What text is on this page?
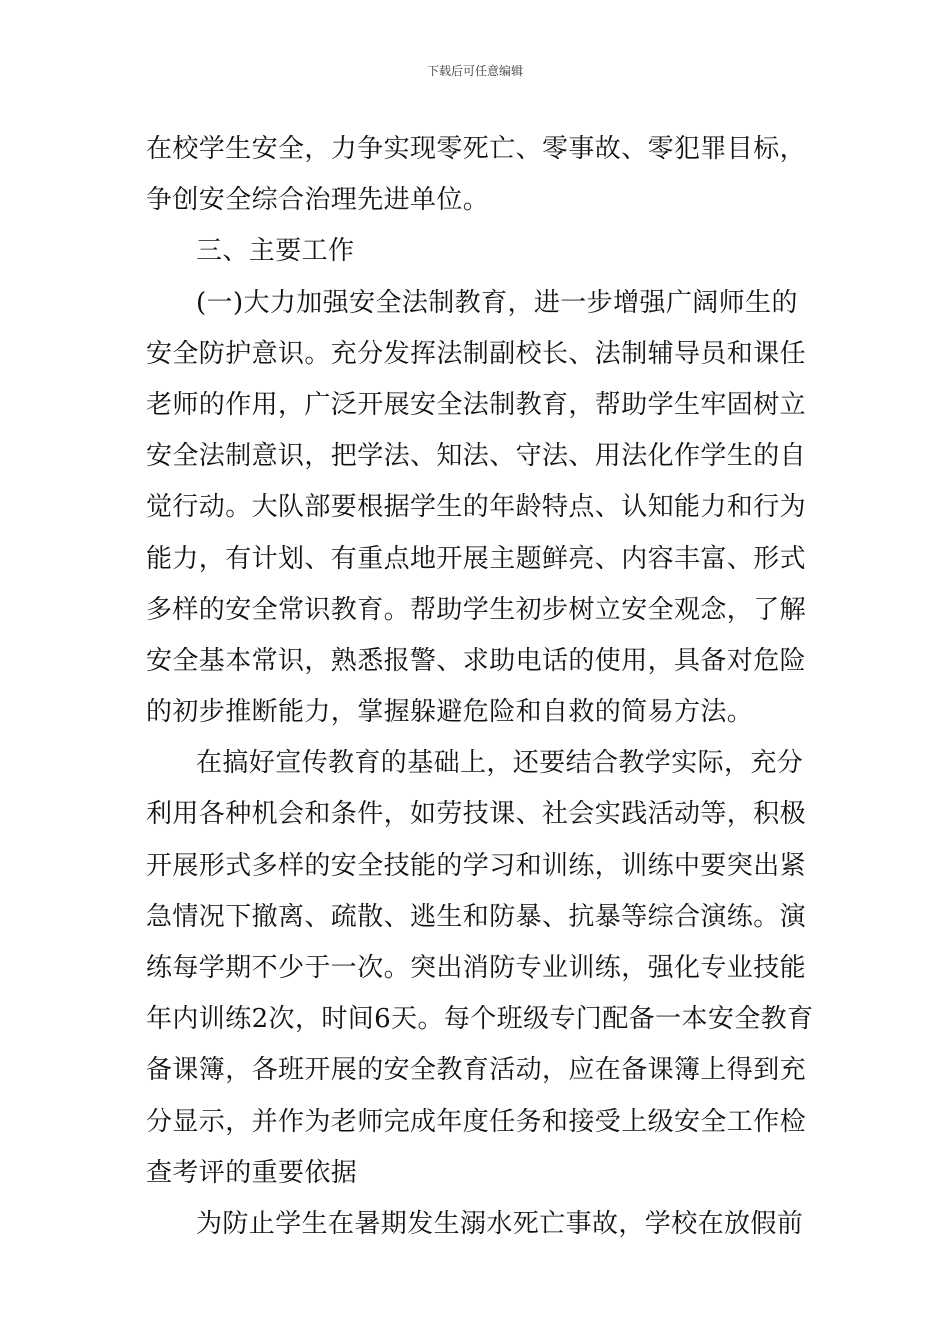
下载后可任意编辑
在校学生安全，力争实现零死亡、零事故、零犯罪目标，
争创安全综合治理先进单位。
三、主要工作
(一)大力加强安全法制教育，进一步增强广阔师生的
安全防护意识。充分发挥法制副校长、法制辅导员和课任
老师的作用，广泛开展安全法制教育，帮助学生牢固树立
安全法制意识，把学法、知法、守法、用法化作学生的自
觉行动。大队部要根据学生的年龄特点、认知能力和行为
能力，有计划、有重点地开展主题鲜亮、内容丰富、形式
多样的安全常识教育。帮助学生初步树立安全观念，了解
安全基本常识，熟悉报警、求助电话的使用，具备对危险
的初步推断能力，掌握躲避危险和自救的简易方法。
在搞好宣传教育的基础上，还要结合教学实际，充分
利用各种机会和条件，如劳技课、社会实践活动等，积极
开展形式多样的安全技能的学习和训练，训练中要突出紧
急情况下撤离、疏散、逃生和防暴、抗暴等综合演练。演
练每学期不少于一次。突出消防专业训练，强化专业技能
年内训练2次，时间6天。每个班级专门配备一本安全教育
备课簿，各班开展的安全教育活动，应在备课簿上得到充
分显示，并作为老师完成年度任务和接受上级安全工作检
查考评的重要依据
为防止学生在暑期发生溺水死亡事故，学校在放假前
